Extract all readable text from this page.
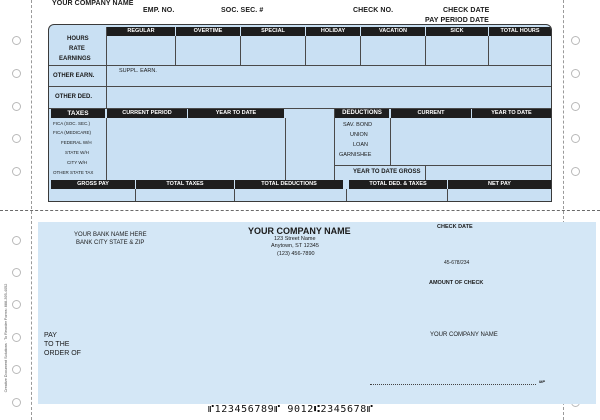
YOUR COMPANY NAME
EMP. NO.	SOC. SEC. #	CHECK NO.	CHECK DATE
PAY PERIOD DATE
REGULAR	OVERTIME	SPECIAL	HOLIDAY	VACATION	SICK	TOTAL HOURS
HOURS
RATE
EARNINGS
OTHER EARN.
OTHER DED.
SUPPL. EARN.
TAXES	CURRENT PERIOD	YEAR TO DATE	DEDUCTIONS	CURRENT	YEAR TO DATE
FICA (SOC. SEC.)
FICA (MEDICARE)
FEDERAL W/H
STATE W/H
CITY W/H
OTHER STATE TAX
SAV. BOND
UNION
LOAN
GARNISHEE
YEAR TO DATE GROSS
GROSS PAY	TOTAL TAXES	TOTAL DEDUCTIONS	TOTAL DED. & TAXES	NET PAY
YOUR BANK NAME HERE
BANK CITY STATE & ZIP
YOUR COMPANY NAME
123 Street Name
Anytown, ST 12345
(123) 456-7890
CHECK DATE
45-678/234
AMOUNT OF CHECK
PAY
TO THE
ORDER OF
YOUR COMPANY NAME
MP
Creative Document Solutions · To Reorder Forms: 888-395-4052
⑈123456789⑈ 9012⑆2345678⑈
